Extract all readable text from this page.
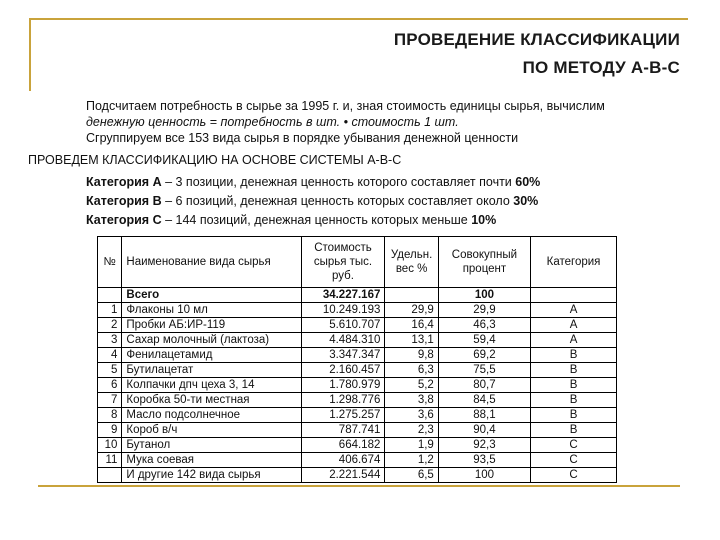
ПРОВЕДЕНИЕ КЛАССИФИКАЦИИ
ПО МЕТОДУ А-В-С
Подсчитаем потребность в сырье за 1995 г. и, зная стоимость единицы сырья, вычислим
денежную ценность = потребность в шт. • стоимость 1 шт.
Сгруппируем все 153 вида сырья в порядке убывания денежной ценности
ПРОВЕДЕМ КЛАССИФИКАЦИЮ НА ОСНОВЕ СИСТЕМЫ А-В-С
Категория А – 3 позиции, денежная ценность которого составляет почти 60%
Категория В – 6 позиций, денежная ценность которых составляет около 30%
Категория С – 144 позиций, денежная ценность которых меньше 10%
№	Наименование вида сырья	Стоимость сырья тыс. руб.	Удельн. вес %	Совокупный процент	Категория
	Всего	34.227.167		100	
1	Флаконы 10 мл	10.249.193	29,9	29,9	А
2	Пробки АБ:ИР-119	5.610.707	16,4	46,3	А
3	Сахар молочный (лактоза)	4.484.310	13,1	59,4	А
4	Фенилацетамид	3.347.347	9,8	69,2	В
5	Бутилацетат	2.160.457	6,3	75,5	В
6	Колпачки дпч цеха 3, 14	1.780.979	5,2	80,7	В
7	Коробка 50-ти местная	1.298.776	3,8	84,5	В
8	Масло подсолнечное	1.275.257	3,6	88,1	В
9	Короб в/ч	787.741	2,3	90,4	В
10	Бутанол	664.182	1,9	92,3	С
11	Мука соевая	406.674	1,2	93,5	С
	И другие 142 вида сырья	2.221.544	6,5	100	С
